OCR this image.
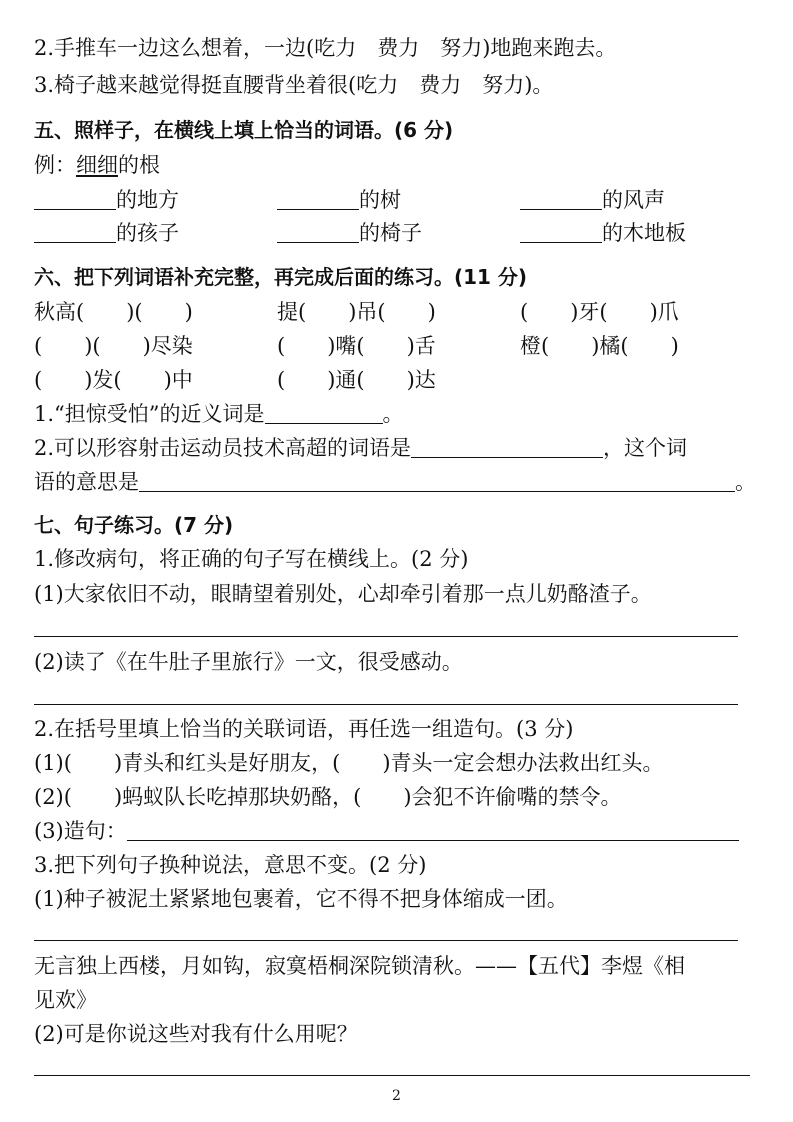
2.手推车一边这么想着，一边(吃力　费力　努力)地跑来跑去。
3.椅子越来越觉得挺直腰背坐着很(吃力　费力　努力)。
五、照样子，在横线上填上恰当的词语。(6 分)
例：细细的根
的地方	的树	的风声
的孩子	的椅子	的木地板
六、把下列词语补充完整，再完成后面的练习。(11 分)
秋高(　　)(　　)	提(　　)吊(　　)	(　　)牙(　　)爪
(　　)(　　)尽染	(　　)嘴(　　)舌	橙(　　)橘(　　)
(　　)发(　　)中	(　　)通(　　)达
1.“担惊受怕”的近义词是	。
2.可以形容射击运动员技术高超的词语是	，这个词
语的意思是	。
七、句子练习。(7 分)
1.修改病句，将正确的句子写在横线上。(2 分)
(1)大家依旧不动，眼睛望着别处，心却牵引着那一点儿奶酪渣子。
(2)读了《在牛肚子里旅行》一文，很受感动。
2.在括号里填上恰当的关联词语，再任选一组造句。(3 分)
(1)(　　)青头和红头是好朋友，(　　)青头一定会想办法救出红头。
(2)(　　)蚂蚁队长吃掉那块奶酪，(　　)会犯不许偷嘴的禁令。
(3)造句：
3.把下列句子换种说法，意思不变。(2 分)
(1)种子被泥土紧紧地包裹着，它不得不把身体缩成一团。
无言独上西楼，月如钩，寂寞梧桐深院锁清秋。——【五代】李煜《相
见欢》
(2)可是你说这些对我有什么用呢？
2
